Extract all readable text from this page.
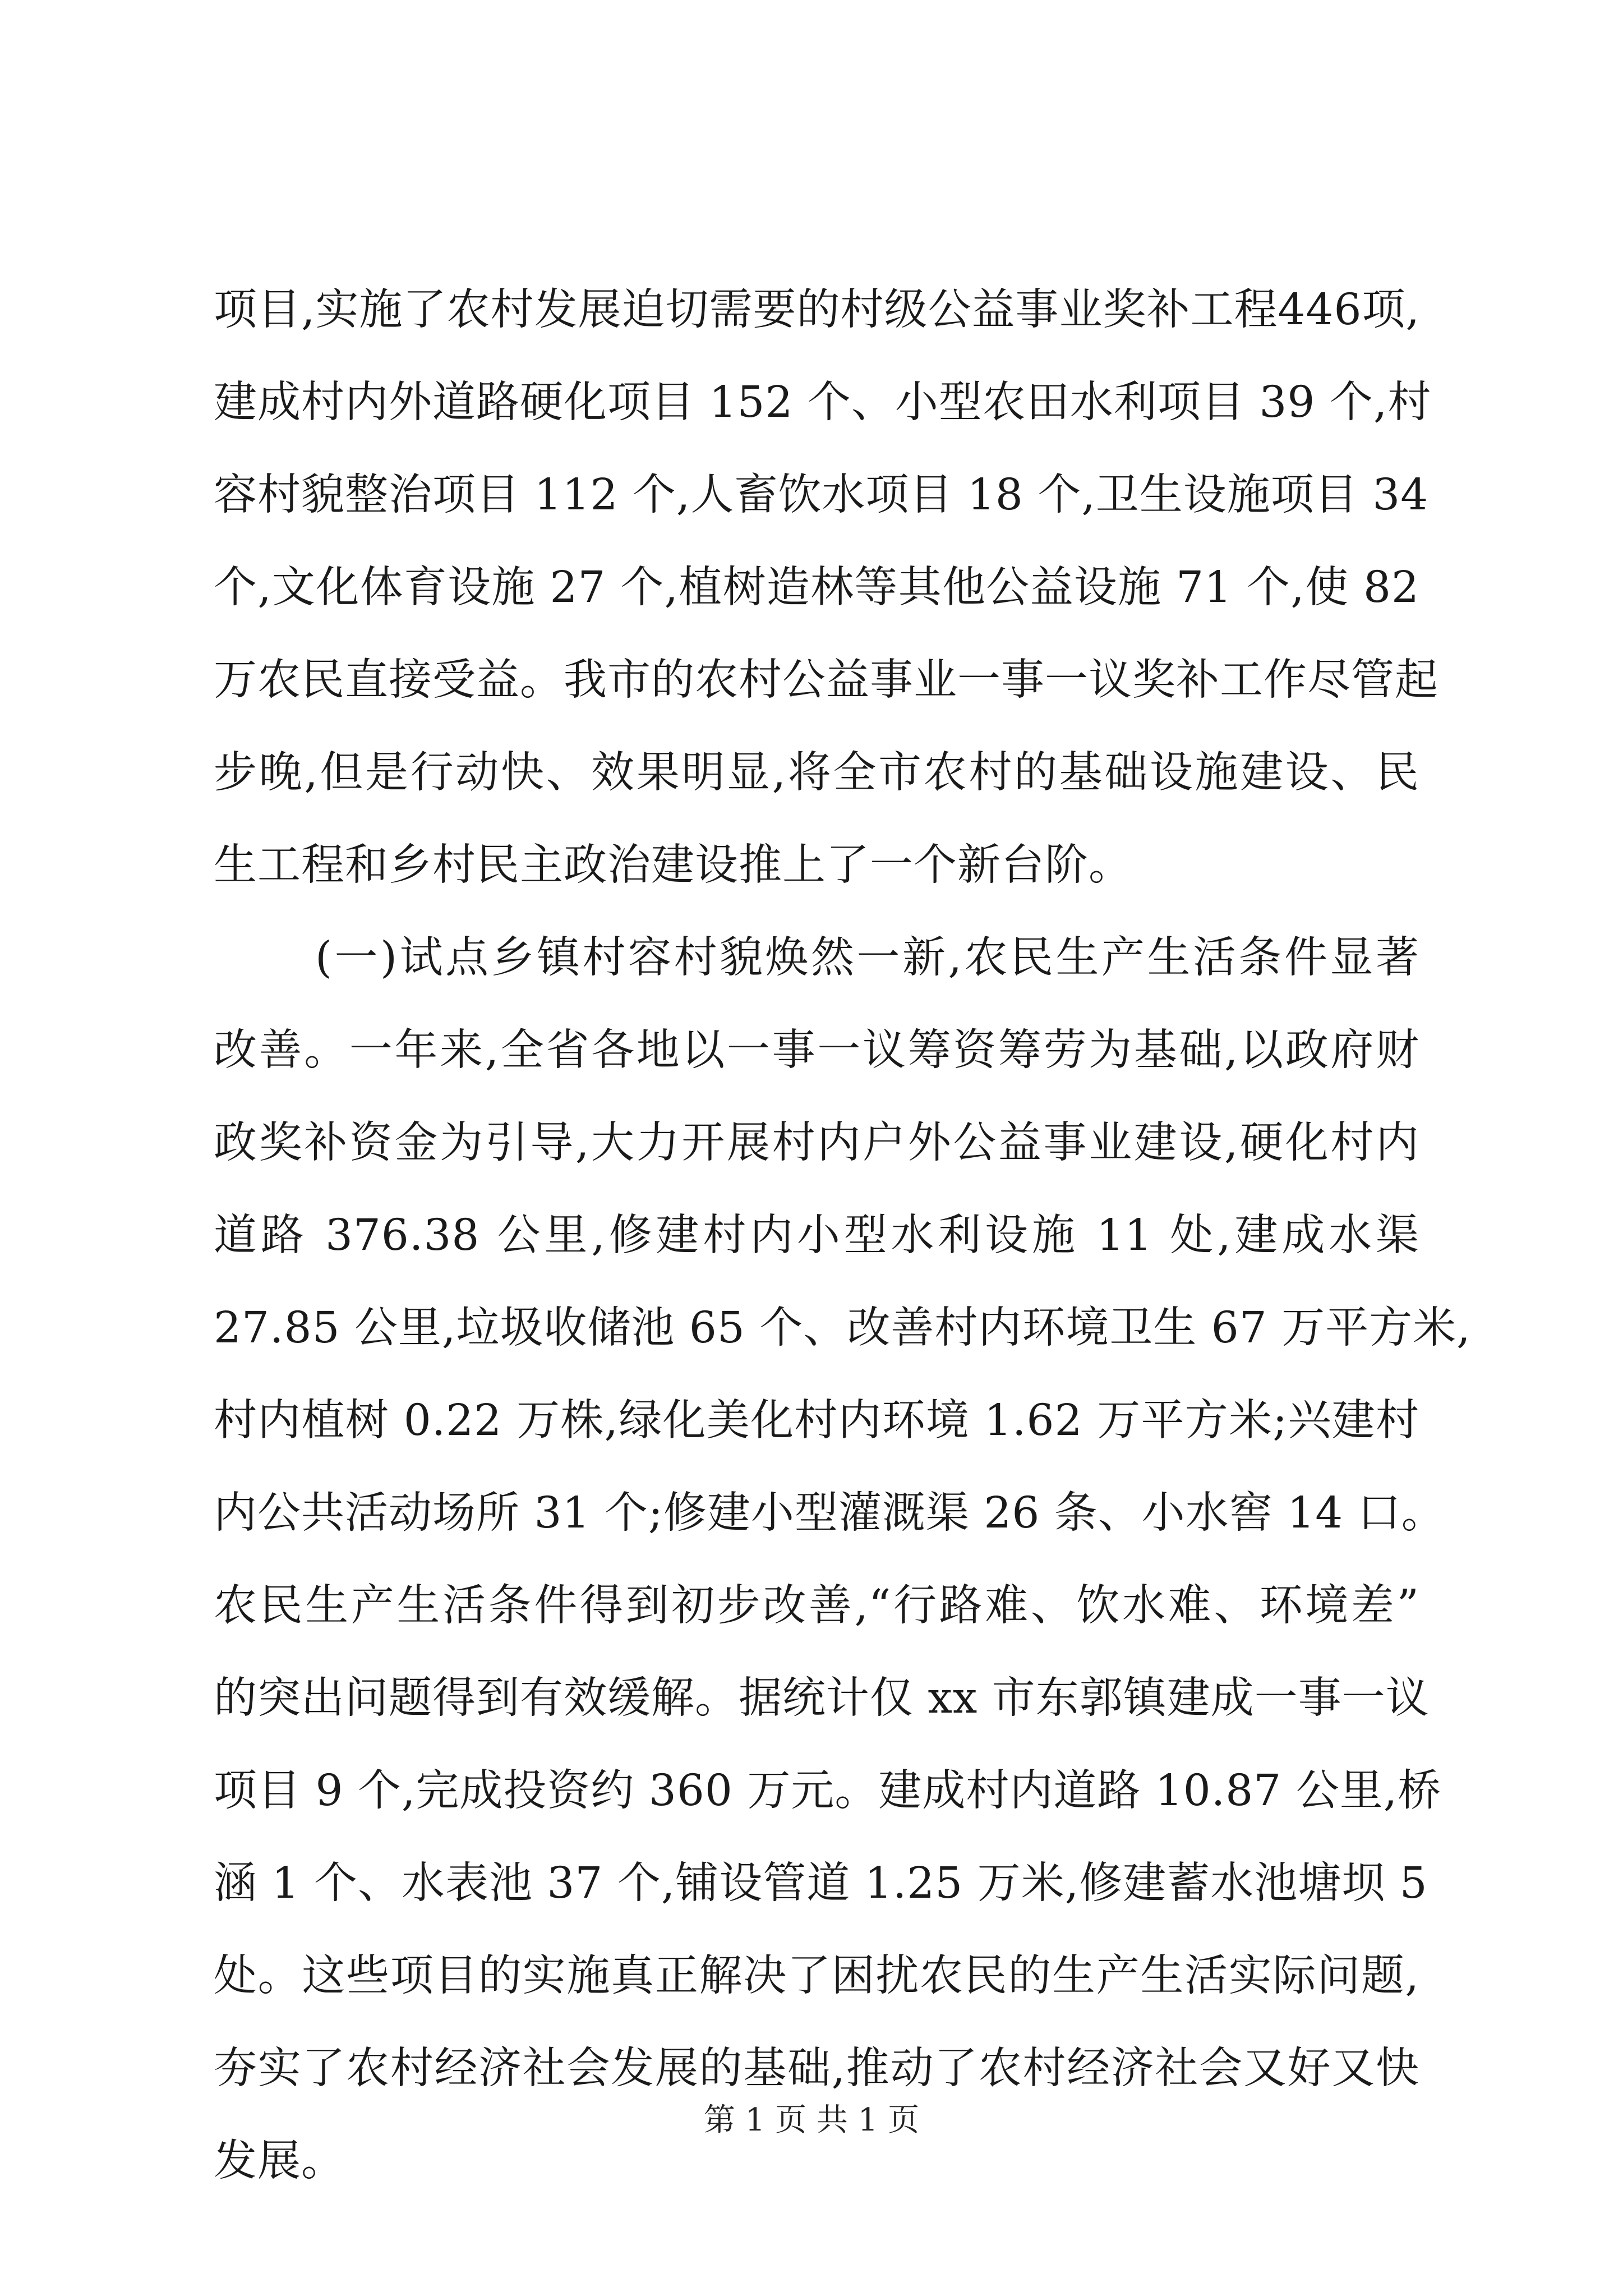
项目,实施了农村发展迫切需要的村级公益事业奖补工程446项,
建成村内外道路硬化项目 152 个、小型农田水利项目 39 个,村
容村貌整治项目 112 个,人畜饮水项目 18 个,卫生设施项目 34
个,文化体育设施 27 个,植树造林等其他公益设施 71 个,使 82
万农民直接受益。我市的农村公益事业一事一议奖补工作尽管起
步晚,但是行动快、效果明显,将全市农村的基础设施建设、民
生工程和乡村民主政治建设推上了一个新台阶。
(一)试点乡镇村容村貌焕然一新,农民生产生活条件显著
改善。一年来,全省各地以一事一议筹资筹劳为基础,以政府财
政奖补资金为引导,大力开展村内户外公益事业建设,硬化村内
道路 376.38 公里,修建村内小型水利设施 11 处,建成水渠
27.85 公里,垃圾收储池 65 个、改善村内环境卫生 67 万平方米,
村内植树 0.22 万株,绿化美化村内环境 1.62 万平方米;兴建村
内公共活动场所 31 个;修建小型灌溉渠 26 条、小水窖 14 口。
农民生产生活条件得到初步改善,“行路难、饮水难、环境差”
的突出问题得到有效缓解。据统计仅 xx 市东郭镇建成一事一议
项目 9 个,完成投资约 360 万元。建成村内道路 10.87 公里,桥
涵 1 个、水表池 37 个,铺设管道 1.25 万米,修建蓄水池塘坝 5
处。这些项目的实施真正解决了困扰农民的生产生活实际问题,
夯实了农村经济社会发展的基础,推动了农村经济社会又好又快
发展。
第 1 页 共 1 页
